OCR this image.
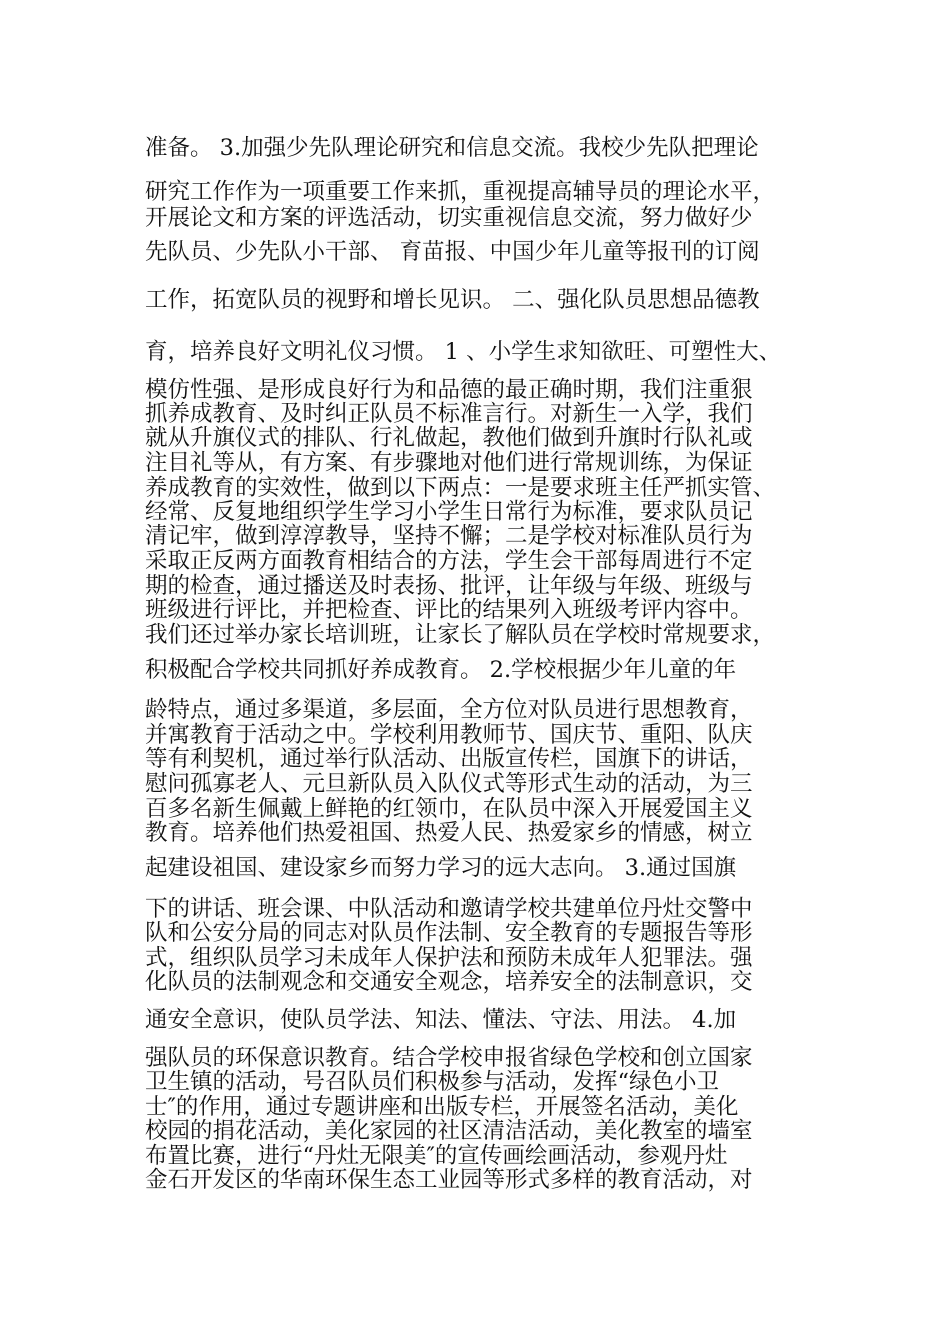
准备。 3.加强少先队理论研究和信息交流。我校少先队把理论
研究工作作为一项重要工作来抓，重视提高辅导员的理论水平，
开展论文和方案的评选活动，切实重视信息交流，努力做好少
先队员、少先队小干部、 育苗报、中国少年儿童等报刊的订阅
工作，拓宽队员的视野和增长见识。 二、强化队员思想品德教
育，培养良好文明礼仪习惯。 1 、小学生求知欲旺、可塑性大、
模仿性强、是形成良好行为和品德的最正确时期，我们注重狠
抓养成教育、及时纠正队员不标准言行。对新生一入学，我们
就从升旗仪式的排队、行礼做起，教他们做到升旗时行队礼或
注目礼等从，有方案、有步骤地对他们进行常规训练，为保证
养成教育的实效性，做到以下两点：一是要求班主任严抓实管、
经常、反复地组织学生学习小学生日常行为标准，要求队员记
清记牢，做到淳淳教导，坚持不懈；二是学校对标准队员行为
采取正反两方面教育相结合的方法，学生会干部每周进行不定
期的检查，通过播送及时表扬、批评，让年级与年级、班级与
班级进行评比，并把检查、评比的结果列入班级考评内容中。
我们还过举办家长培训班，让家长了解队员在学校时常规要求，
积极配合学校共同抓好养成教育。 2.学校根据少年儿童的年
龄特点，通过多渠道，多层面，全方位对队员进行思想教育，
并寓教育于活动之中。学校利用教师节、国庆节、重阳、队庆
等有利契机，通过举行队活动、出版宣传栏，国旗下的讲话，
慰问孤寡老人、元旦新队员入队仪式等形式生动的活动，为三
百多名新生佩戴上鲜艳的红领巾，在队员中深入开展爱国主义
教育。培养他们热爱祖国、热爱人民、热爱家乡的情感，树立
起建设祖国、建设家乡而努力学习的远大志向。 3.通过国旗
下的讲话、班会课、中队活动和邀请学校共建单位丹灶交警中
队和公安分局的同志对队员作法制、安全教育的专题报告等形
式，组织队员学习未成年人保护法和预防未成年人犯罪法。强
化队员的法制观念和交通安全观念，培养安全的法制意识，交
通安全意识，使队员学法、知法、懂法、守法、用法。 4.加
强队员的环保意识教育。结合学校申报省绿色学校和创立国家
卫生镇的活动，号召队员们积极参与活动，发挥“绿色小卫
士″的作用，通过专题讲座和出版专栏，开展签名活动，美化
校园的捐花活动，美化家园的社区清洁活动，美化教室的墙室
布置比赛，进行“丹灶无限美″的宣传画绘画活动，参观丹灶
金石开发区的华南环保生态工业园等形式多样的教育活动，对
